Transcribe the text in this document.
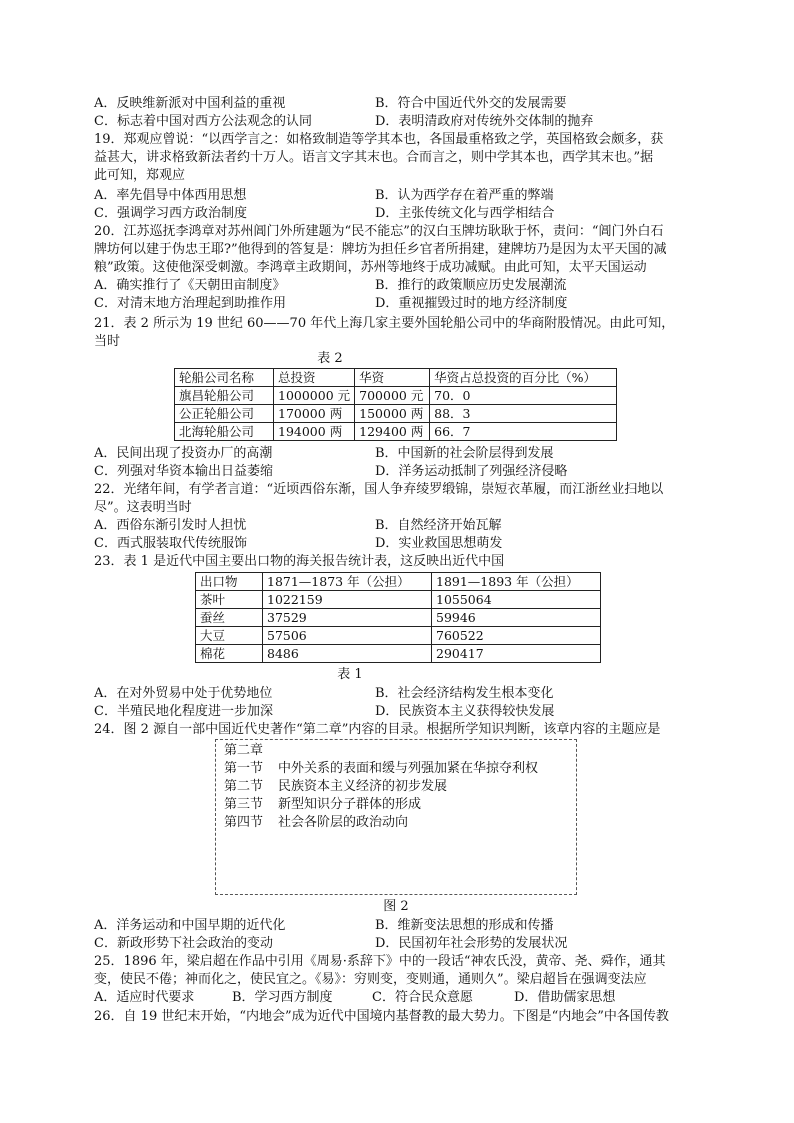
A．反映维新派对中国利益的重视	B．符合中国近代外交的发展需要
C．标志着中国对西方公法观念的认同	D．表明清政府对传统外交体制的抛弃
19．郑观应曾说：“以西学言之：如格致制造等学其本也，各国最重格致之学，英国格致会颇多，获
益甚大，讲求格致新法者约十万人。语言文字其末也。合而言之，则中学其本也，西学其末也。”据
此可知，郑观应
A．率先倡导中体西用思想	B．认为西学存在着严重的弊端
C．强调学习西方政治制度	D．主张传统文化与西学相结合
20．江苏巡抚李鸿章对苏州阊门外所建题为“民不能忘”的汉白玉牌坊耿耿于怀，责问：“阊门外白石
牌坊何以建于伪忠王耶?”他得到的答复是：牌坊为担任乡官者所捐建，建牌坊乃是因为太平天国的减
粮”政策。这使他深受刺激。李鸿章主政期间，苏州等地终于成功减赋。由此可知，太平天国运动
A．确实推行了《天朝田亩制度》	B．推行的政策顺应历史发展潮流
C．对清末地方治理起到助推作用	D．重视摧毁过时的地方经济制度
21．表 2 所示为 19 世纪 60——70 年代上海几家主要外国轮船公司中的华商附股情况。由此可知，
当时
表 2
轮船公司名称	总投资	华资	华资占总投资的百分比（%）
旗昌轮船公司	1000000 元	700000 元	70．0
公正轮船公司	170000 两	150000 两	88．3
北海轮船公司	194000 两	129400 两	66．7
A．民间出现了投资办厂的高潮	B．中国新的社会阶层得到发展
C．列强对华资本输出日益萎缩	D．洋务运动抵制了列强经济侵略
22．光绪年间，有学者言道：“近顷西俗东渐，国人争弃绫罗缎锦，崇短衣革履，而江浙丝业扫地以
尽”。这表明当时
A．西俗东渐引发时人担忧	B．自然经济开始瓦解
C．西式服装取代传统服饰	D．实业救国思想萌发
23．表 1 是近代中国主要出口物的海关报告统计表，这反映出近代中国
出口物	1871—1873 年（公担）	1891—1893 年（公担）
茶叶	1022159	1055064
蚕丝	37529	59946
大豆	57506	760522
棉花	8486	290417
表 1
A．在对外贸易中处于优势地位	B．社会经济结构发生根本变化
C．半殖民地化程度进一步加深	D．民族资本主义获得较快发展
24．图 2 源自一部中国近代史著作“第二章”内容的目录。根据所学知识判断，该章内容的主题应是
第二章
第一节 中外关系的表面和缓与列强加紧在华掠夺利权
第二节 民族资本主义经济的初步发展
第三节 新型知识分子群体的形成
第四节 社会各阶层的政治动向
图 2
A．洋务运动和中国早期的近代化	B．维新变法思想的形成和传播
C．新政形势下社会政治的变动	D．民国初年社会形势的发展状况
25．1896 年，梁启超在作品中引用《周易·系辞下》中的一段话“神农氏没，黄帝、尧、舜作，通其
变，使民不倦；神而化之，使民宜之。《易》：穷则变，变则通，通则久”。梁启超旨在强调变法应
A．适应时代要求	B．学习西方制度	C．符合民众意愿	D．借助儒家思想
26．自 19 世纪末开始，“内地会”成为近代中国境内基督教的最大势力。下图是“内地会”中各国传教
